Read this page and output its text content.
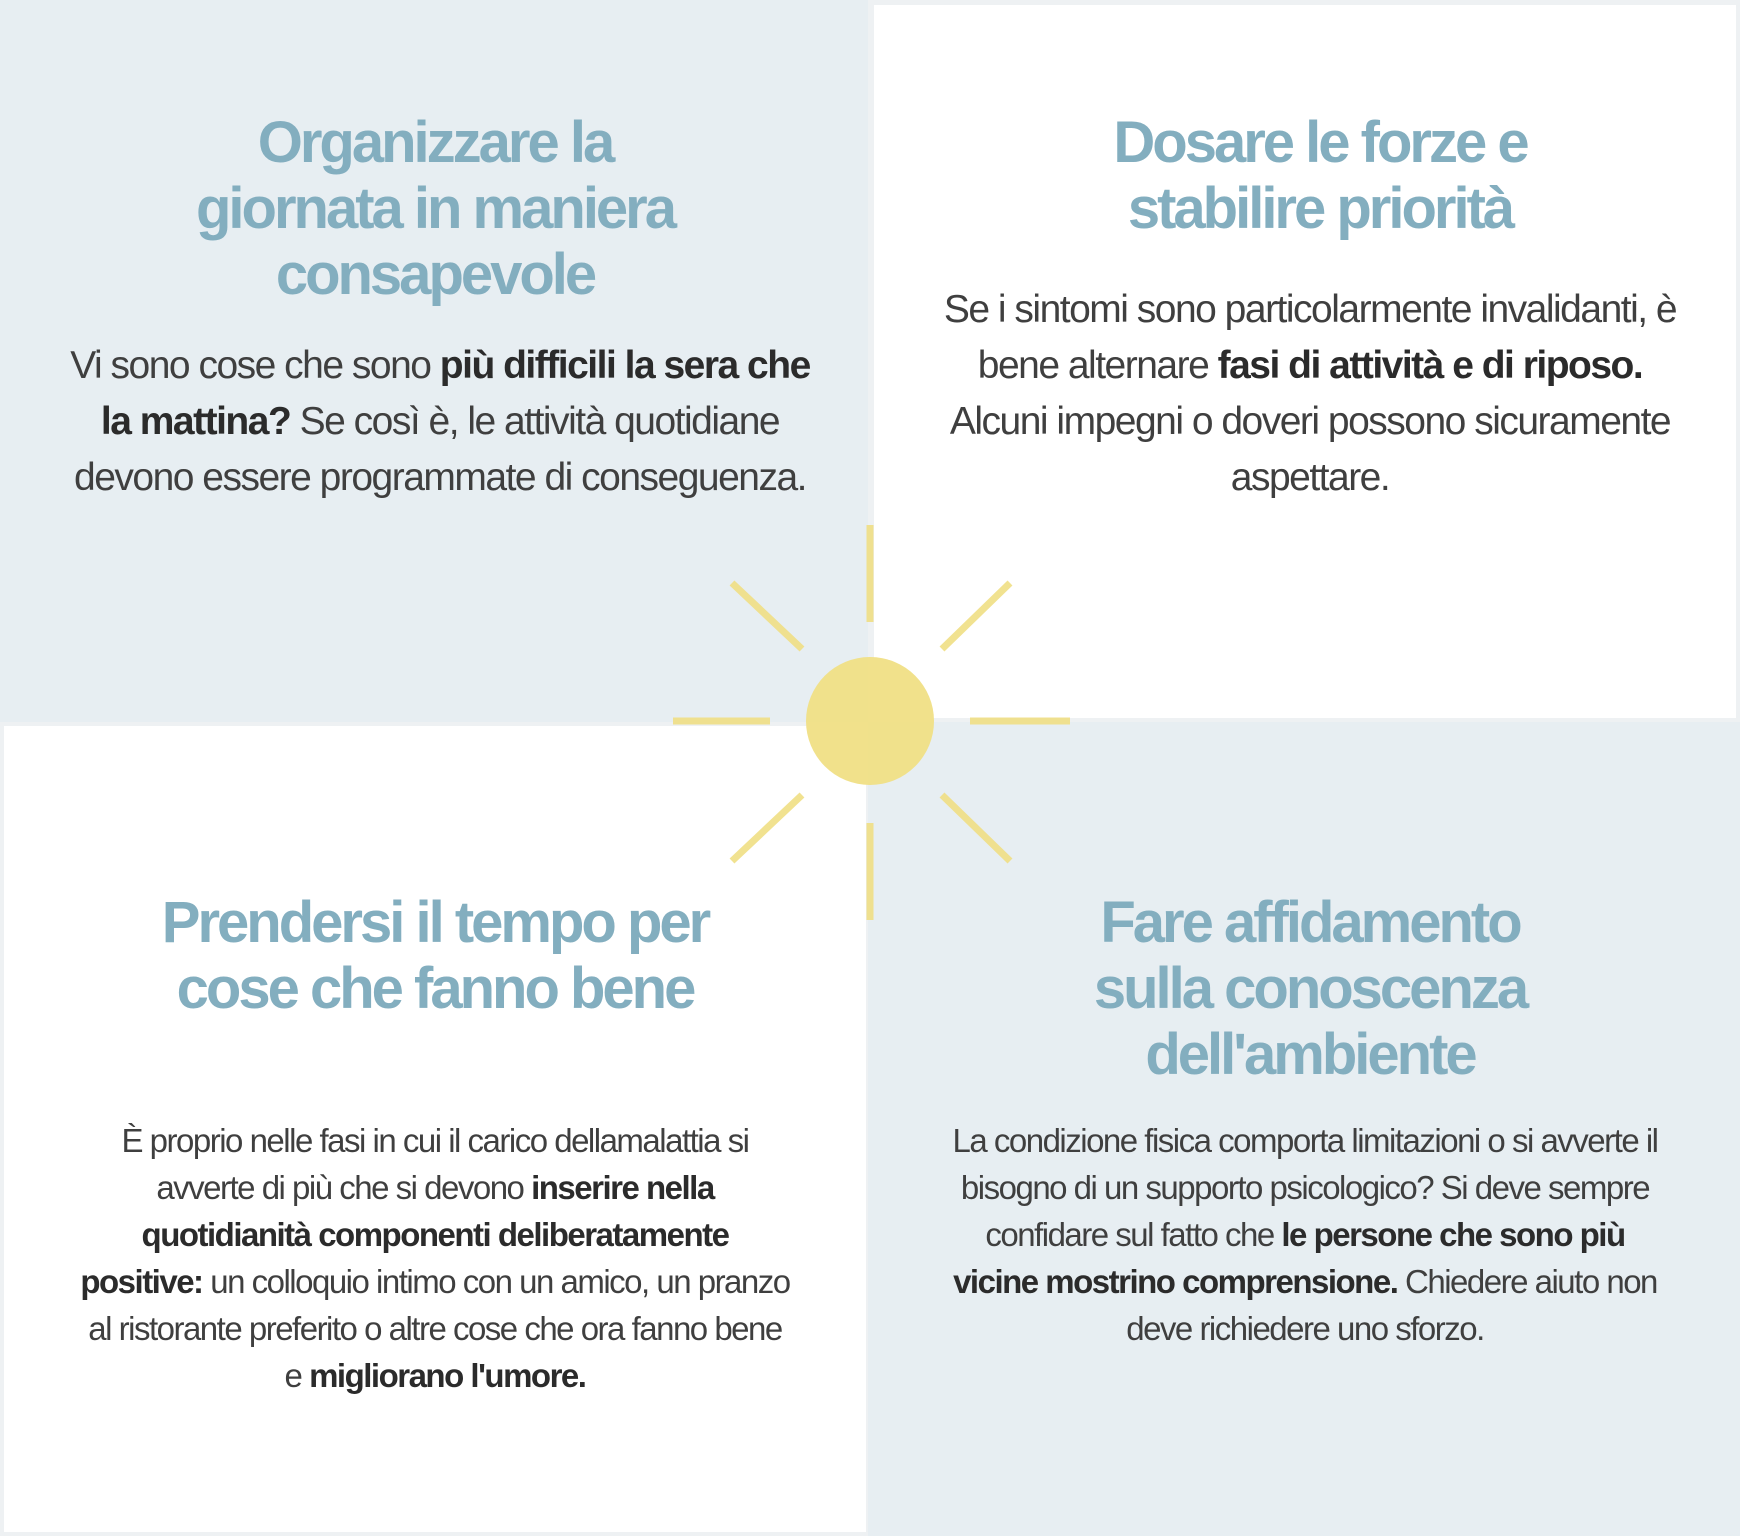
Organizzare la
giornata in maniera
consapevole

Vi sono cose che sono più difficili la sera che la mattina? Se così è, le attività quotidiane devono essere programmate di conseguenza.

Dosare le forze e
stabilire priorità

Se i sintomi sono particolarmente invalidanti, è bene alternare fasi di attività e di riposo. Alcuni impegni o doveri possono sicuramente aspettare.

Prendersi il tempo per
cose che fanno bene

È proprio nelle fasi in cui il carico dellamalattia si avverte di più che si devono inserire nella quotidianità componenti deliberatamente positive: un colloquio intimo con un amico, un pranzo al ristorante preferito o altre cose che ora fanno bene e migliorano l'umore.

Fare affidamento
sulla conoscenza
dell'ambiente

La condizione fisica comporta limitazioni o si avverte il bisogno di un supporto psicologico? Si deve sempre confidare sul fatto che le persone che sono più vicine mostrino comprensione. Chiedere aiuto non deve richiedere uno sforzo.
